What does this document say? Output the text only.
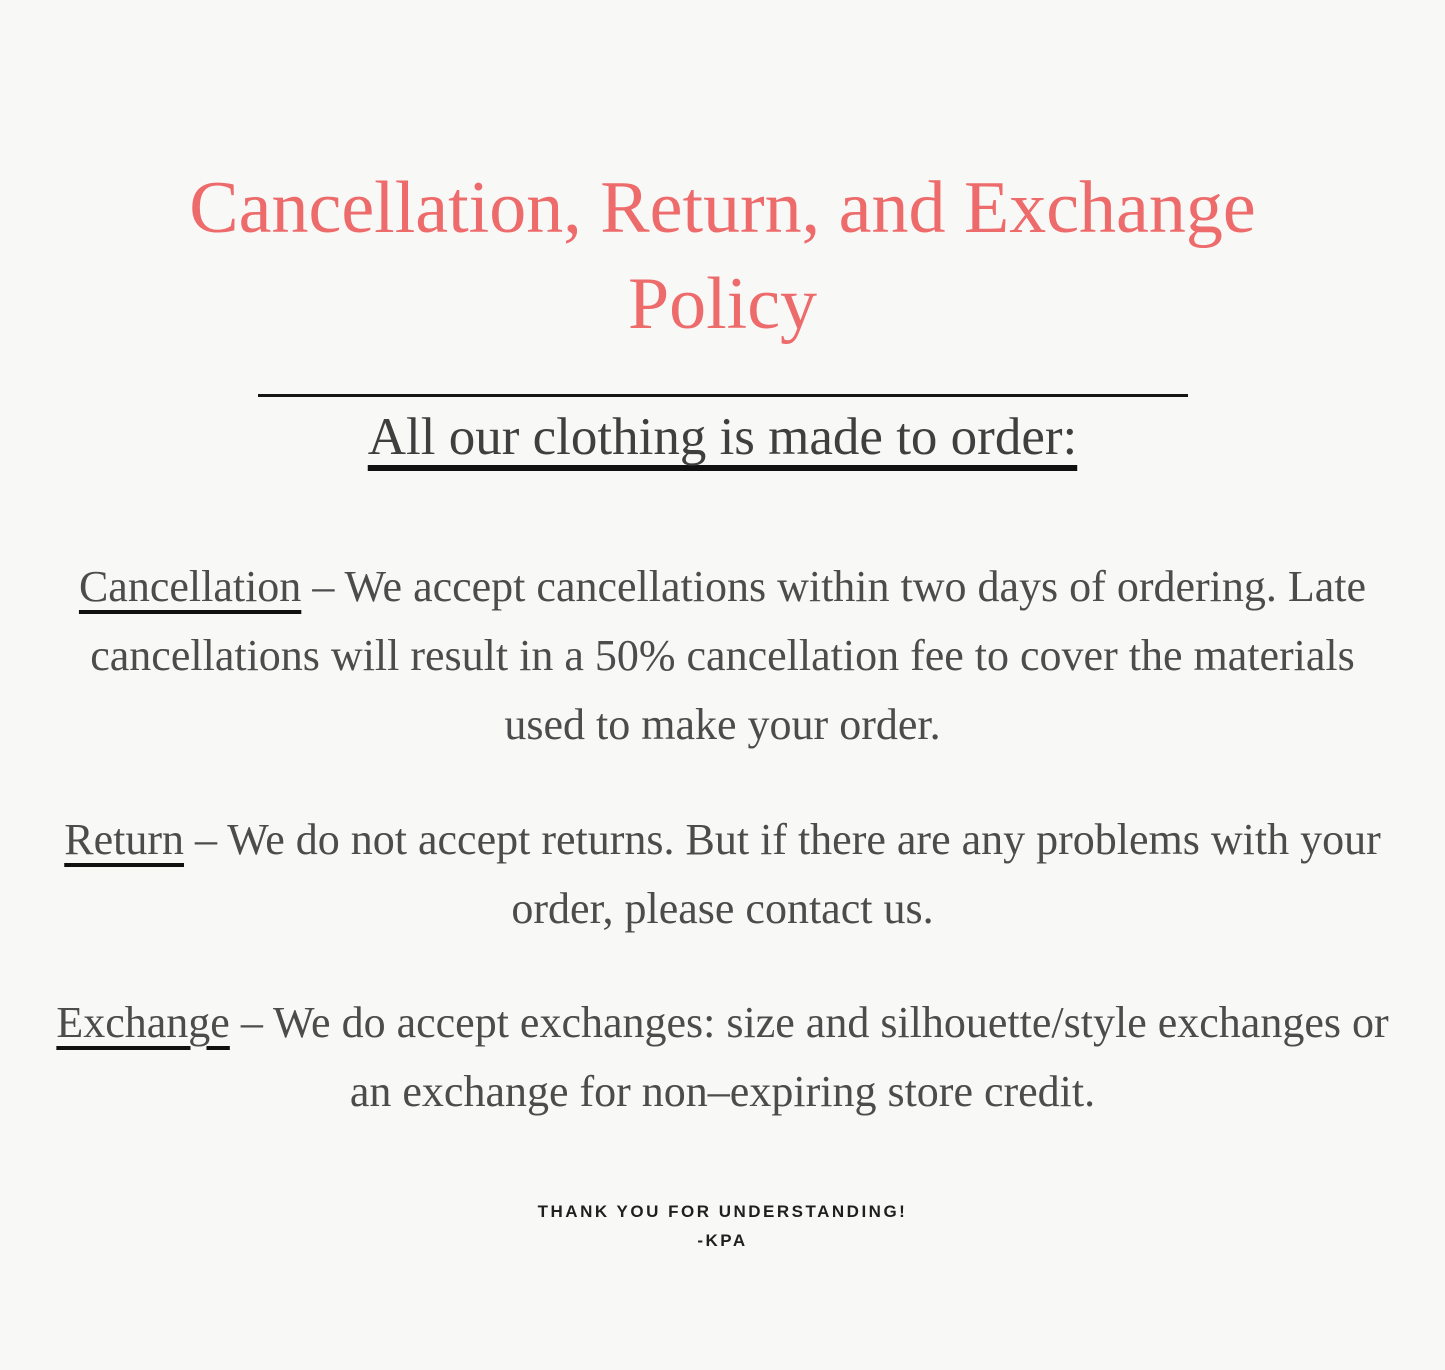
Cancellation, Return, and Exchange
Policy
All our clothing is made to order:

Cancellation – We accept cancellations within two days of ordering. Late cancellations will result in a 50% cancellation fee to cover the materials used to make your order.

Return – We do not accept returns. But if there are any problems with your order, please contact us.

Exchange – We do accept exchanges: size and silhouette/style exchanges or an exchange for non–expiring store credit.

THANK YOU FOR UNDERSTANDING!
-KPA
